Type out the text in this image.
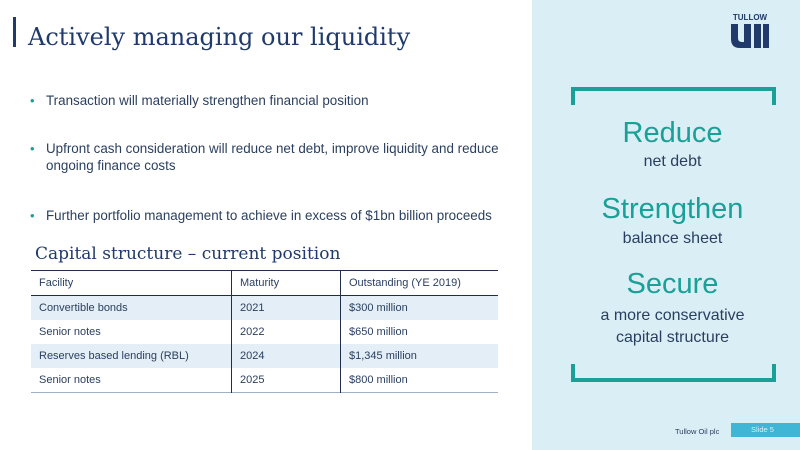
Actively managing our liquidity
• Transaction will materially strengthen financial position
• Upfront cash consideration will reduce net debt, improve liquidity and reduce ongoing finance costs
• Further portfolio management to achieve in excess of $1bn billion proceeds
Capital structure – current position
Facility	Maturity	Outstanding (YE 2019)
Convertible bonds	2021	$300 million
Senior notes	2022	$650 million
Reserves based lending (RBL)	2024	$1,345 million
Senior notes	2025	$800 million
TULLOW
Reduce
net debt
Strengthen
balance sheet
Secure
a more conservative
capital structure
Tullow Oil plc	Slide 5
